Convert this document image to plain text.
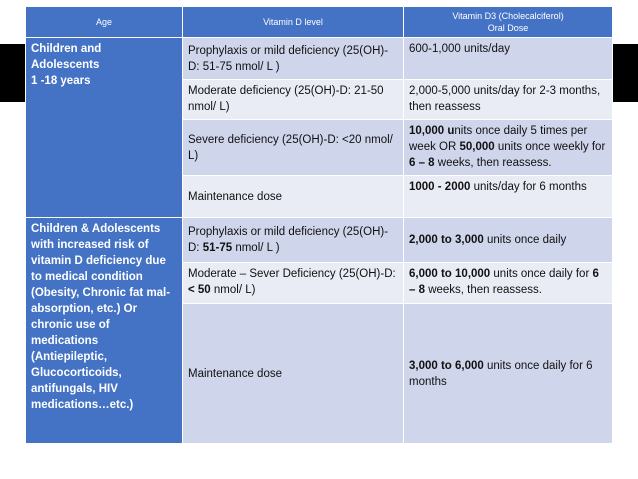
Age	Vitamin D level	Vitamin D3 (Cholecalciferol)
Oral Dose
Children and
Adolescents
1 -18 years	Prophylaxis or mild deficiency (25(OH)-D: 51-75 nmol/ L )	600-1,000 units/day
	Moderate deficiency (25(OH)-D: 21-50 nmol/ L)	2,000-5,000 units/day for 2-3 months, then reassess
	Severe deficiency (25(OH)-D: <20 nmol/ L)	10,000 units once daily 5 times per week OR 50,000 units once weekly for 6 – 8 weeks, then reassess.
	Maintenance dose	1000 - 2000 units/day for 6 months
Children & Adolescents with increased risk of vitamin D deficiency due to medical condition (Obesity, Chronic fat mal-absorption, etc.) Or chronic use of medications (Antiepileptic, Glucocorticoids, antifungals, HIV medications…etc.)	Prophylaxis or mild deficiency (25(OH)-D: 51-75 nmol/ L )	2,000 to 3,000 units once daily
	Moderate – Sever Deficiency (25(OH)-D: < 50 nmol/ L)	6,000 to 10,000 units once daily for 6 – 8 weeks, then reassess.
	Maintenance dose	3,000 to 6,000 units once daily for 6 months
